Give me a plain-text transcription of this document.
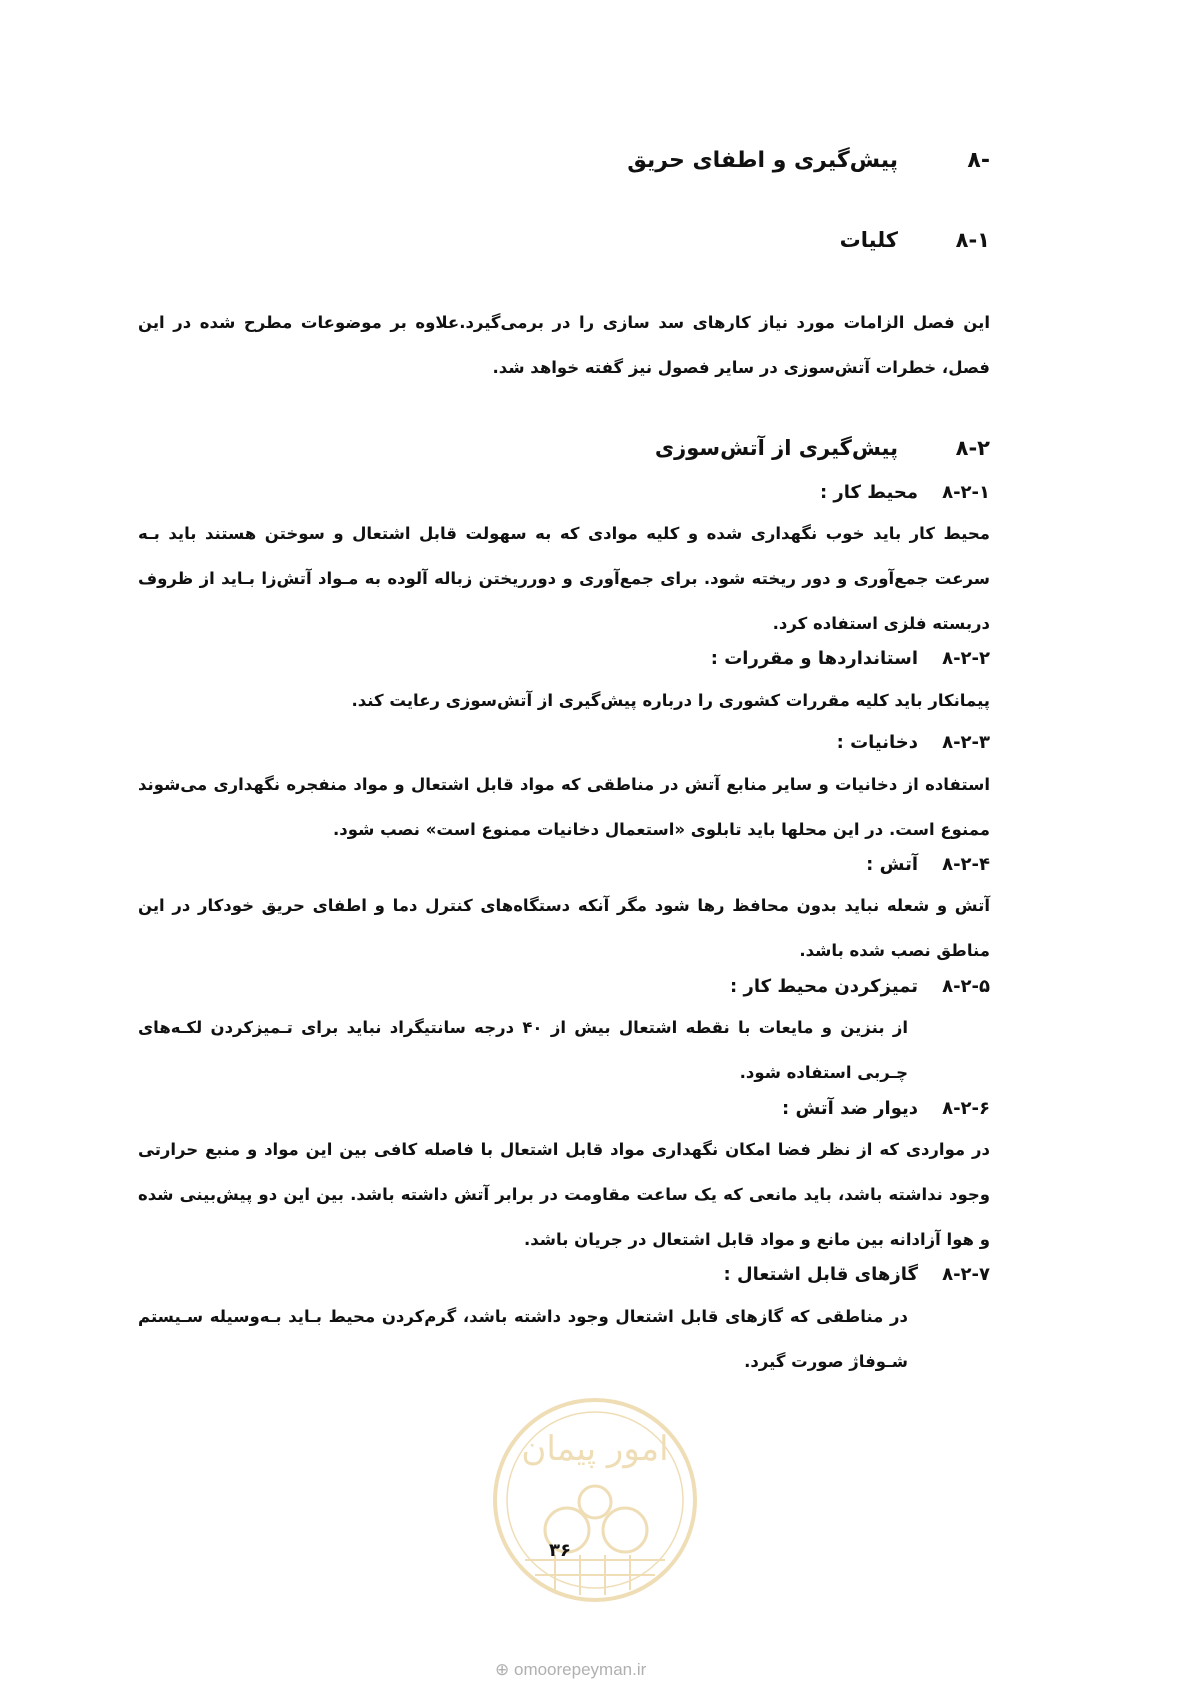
-۸
پیش‌گیری و اطفای حریق
۸-۱
کلیات
این فصل الزامات مورد نیاز کارهای سد سازی را در برمی‌گیرد.علاوه بر موضوعات مطرح شده در این فصل، خطرات آتش‌سوزی در سایر فصول نیز گفته خواهد شد.
۸-۲
پیش‌گیری از آتش‌سوزی
۸-۲-۱
محیط کار :
محیط کار باید خوب نگهداری شده و کلیه موادی که به سهولت قابل اشتعال و سوختن هستند باید بـه سرعت جمع‌آوری و دور ریخته شود. برای جمع‌آوری و دورریختن زباله آلوده به مـواد آتش‌زا بـاید از ظروف دربسته فلزی استفاده کرد.
۸-۲-۲
استانداردها و مقررات :
پیمانکار باید کلیه مقررات کشوری را درباره پیش‌گیری از آتش‌سوزی رعایت کند.
۸-۲-۳
دخانیات :
استفاده از دخانیات و سایر منابع آتش در مناطقی که مواد قابل اشتعال و مواد منفجره نگهداری می‌شوند ممنوع است. در این محلها باید تابلوی «استعمال دخانیات ممنوع است» نصب شود.
۸-۲-۴
آتش :
آتش و شعله نباید بدون محافظ رها شود مگر آنکه دستگاه‌های کنترل دما و اطفای حریق خودکار در این مناطق نصب شده باشد.
۸-۲-۵
تمیزکردن محیط کار :
از بنزین و مایعات با نقطه اشتعال بیش از ۴۰ درجه سانتیگراد نباید برای تـمیزکردن لکـه‌های چـربی استفاده شود.
۸-۲-۶
دیوار ضد آتش :
در مواردی که از نظر فضا امکان نگهداری مواد قابل اشتعال با فاصله کافی بین این مواد و منبع حرارتی وجود نداشته باشد، باید مانعی که یک ساعت مقاومت در برابر آتش داشته باشد. بین این دو پیش‌بینی شده و هوا آزادانه بین مانع و مواد قابل اشتعال در جریان باشد.
۸-۲-۷
گازهای قابل اشتعال :
در مناطقی که گازهای قابل اشتعال وجود داشته باشد، گرم‌کردن محیط بـاید بـه‌وسیله سـیستم شـوفاژ صورت گیرد.
امور پیمان
۳۶
⊕ omoorepeyman.ir
